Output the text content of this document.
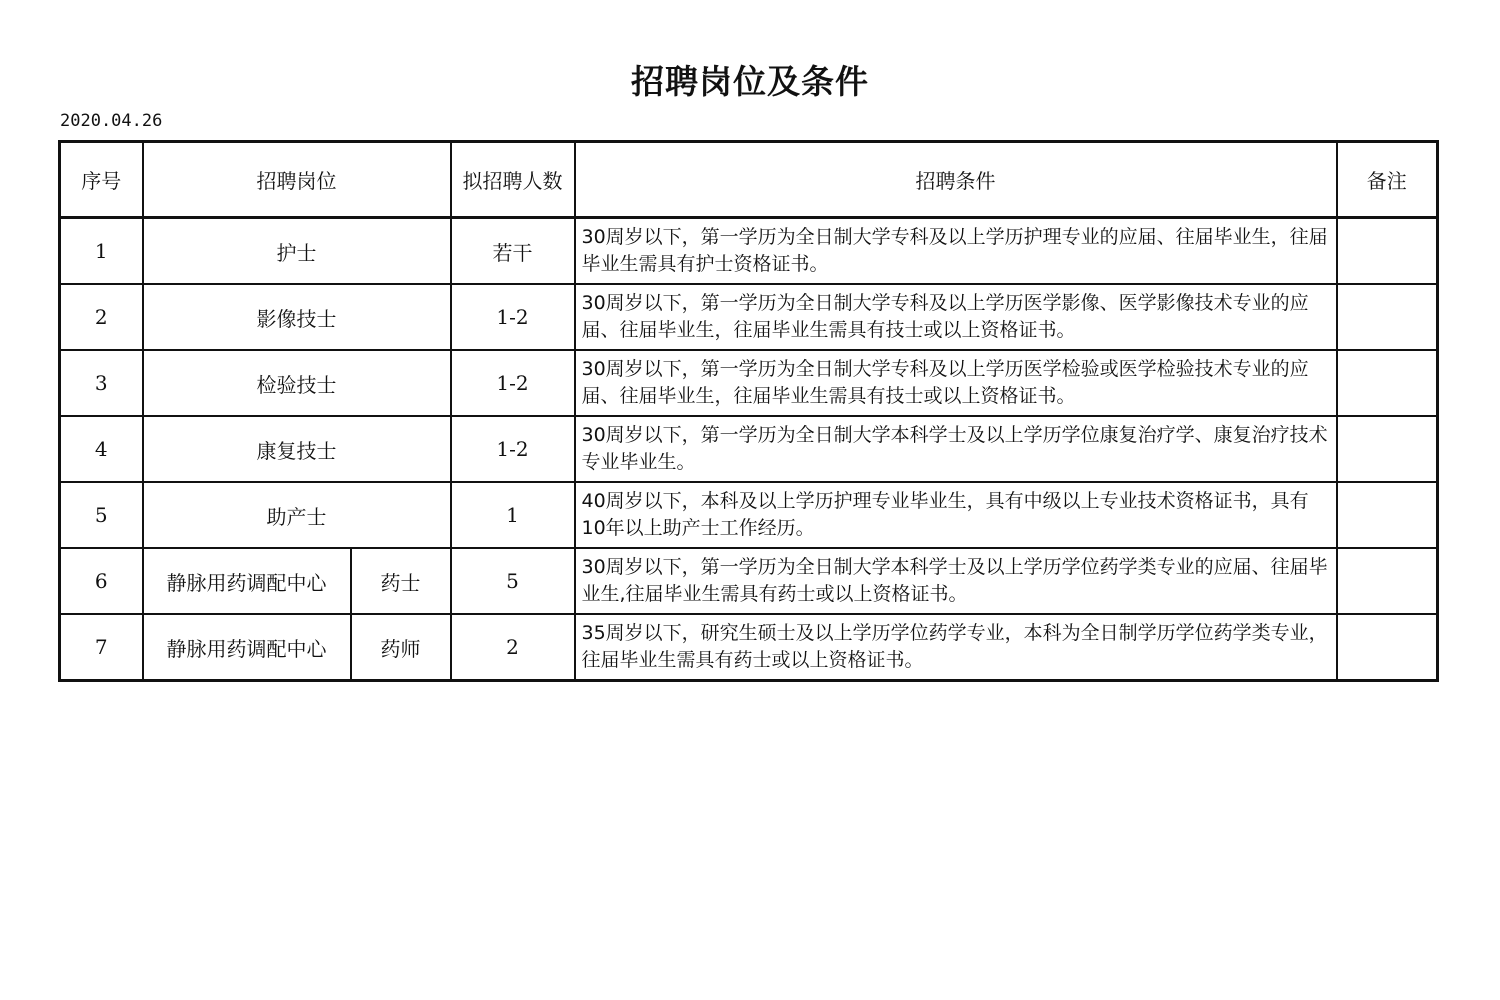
招聘岗位及条件
2020.04.26
序号	招聘岗位		拟招聘人数	招聘条件	备注
1	护士		若干	30周岁以下，第一学历为全日制大学专科及以上学历护理专业的应届、往届毕业生，往届毕业生需具有护士资格证书。	
2	影像技士		1-2	30周岁以下，第一学历为全日制大学专科及以上学历医学影像、医学影像技术专业的应届、往届毕业生，往届毕业生需具有技士或以上资格证书。	
3	检验技士		1-2	30周岁以下，第一学历为全日制大学专科及以上学历医学检验或医学检验技术专业的应届、往届毕业生，往届毕业生需具有技士或以上资格证书。	
4	康复技士		1-2	30周岁以下，第一学历为全日制大学本科学士及以上学历学位康复治疗学、康复治疗技术专业毕业生。	
5	助产士		1	40周岁以下，本科及以上学历护理专业毕业生，具有中级以上专业技术资格证书，具有10年以上助产士工作经历。	
6	静脉用药调配中心	药士	5	30周岁以下，第一学历为全日制大学本科学士及以上学历学位药学类专业的应届、往届毕业生,往届毕业生需具有药士或以上资格证书。	
7	静脉用药调配中心	药师	2	35周岁以下，研究生硕士及以上学历学位药学专业，本科为全日制学历学位药学类专业，往届毕业生需具有药士或以上资格证书。	
